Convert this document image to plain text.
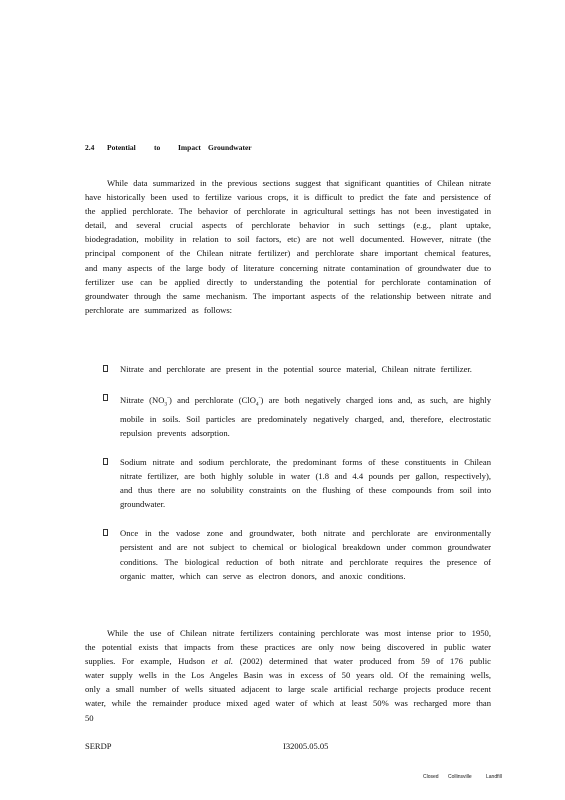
2.4 Potential to Impact Groundwater
While data summarized in the previous sections suggest that significant quantities of Chilean nitrate have historically been used to fertilize various crops, it is difficult to predict the fate and persistence of the applied perchlorate. The behavior of perchlorate in agricultural settings has not been investigated in detail, and several crucial aspects of perchlorate behavior in such settings (e.g., plant uptake, biodegradation, mobility in relation to soil factors, etc) are not well documented. However, nitrate (the principal component of the Chilean nitrate fertilizer) and perchlorate share important chemical features, and many aspects of the large body of literature concerning nitrate contamination of groundwater due to fertilizer use can be applied directly to understanding the potential for perchlorate contamination of groundwater through the same mechanism. The important aspects of the relationship between nitrate and perchlorate are summarized as follows:
Nitrate and perchlorate are present in the potential source material, Chilean nitrate fertilizer.
Nitrate $(NO_3^-)$ and perchlorate (ClO$_4$-) are both negatively charged ions and, as such, are highly mobile in soils. Soil particles are predominately negatively charged, and, therefore, electrostatic repulsion prevents adsorption.
Sodium nitrate and sodium perchlorate, the predominant forms of these constituents in Chilean nitrate fertilizer, are both highly soluble in water (1.8 and 4.4 pounds per gallon, respectively), and thus there are no solubility constraints on the flushing of these compounds from soil into groundwater.
Once in the vadose zone and groundwater, both nitrate and perchlorate are environmentally persistent and are not subject to chemical or biological breakdown under common groundwater conditions. The biological reduction of both nitrate and perchlorate requires the presence of organic matter, which can serve as electron donors, and anoxic conditions.
While the use of Chilean nitrate fertilizers containing perchlorate was most intense prior to 1950, the potential exists that impacts from these practices are only now being discovered in public water supplies. For example, Hudson et al. (2002) determined that water produced from 59 of 176 public water supply wells in the Los Angeles Basin was in excess of 50 years old. Of the remaining wells, only a small number of wells situated adjacent to large scale artificial recharge projects produce recent water, while the remainder produce mixed aged water of which at least 50% was recharged more than 50
SERDP	I32005.05.05
Closed Collinsville	Landfill
